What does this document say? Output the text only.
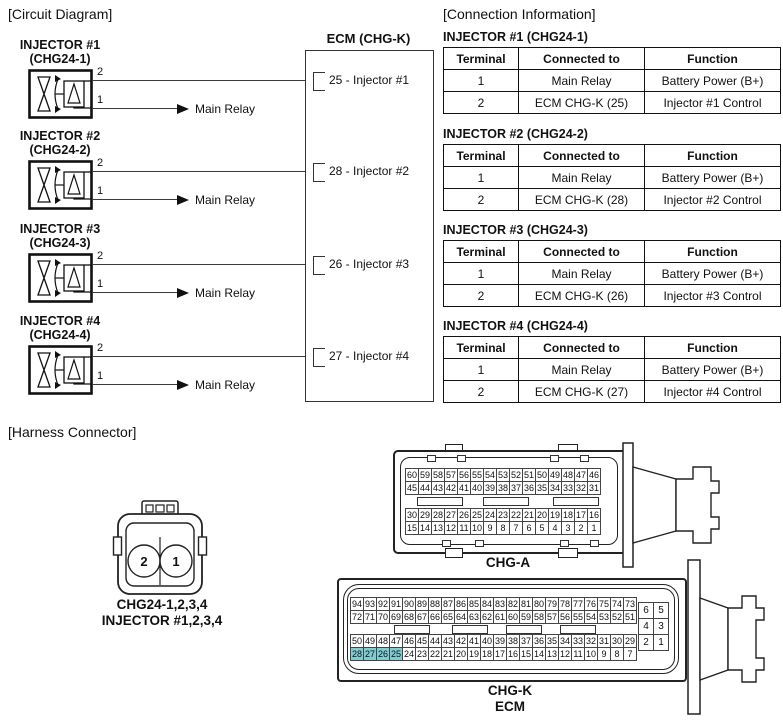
[Circuit Diagram]	[Connection Information]
[Harness Connector]
INJECTOR #1
(CHG24-1)
2
1
Main Relay
INJECTOR #2
(CHG24-2)
2
1
Main Relay
INJECTOR #3
(CHG24-3)
2
1
Main Relay
INJECTOR #4
(CHG24-4)
2
1
Main Relay
ECM (CHG-K)
25 - Injector #1
28 - Injector #2
26 - Injector #3
27 - Injector #4
INJECTOR #1 (CHG24-1)
Terminal	Connected to	Function
1	Main Relay	Battery Power (B+)
2	ECM CHG-K (25)	Injector #1 Control
INJECTOR #2 (CHG24-2)
Terminal	Connected to	Function
1	Main Relay	Battery Power (B+)
2	ECM CHG-K (28)	Injector #2 Control
INJECTOR #3 (CHG24-3)
Terminal	Connected to	Function
1	Main Relay	Battery Power (B+)
2	ECM CHG-K (26)	Injector #3 Control
INJECTOR #4 (CHG24-4)
Terminal	Connected to	Function
1	Main Relay	Battery Power (B+)
2	ECM CHG-K (27)	Injector #4 Control
2 1
CHG24-1,2,3,4
INJECTOR #1,2,3,4
60 59 58 57 56 55 54 53 52 51 50 49 48 47 46
45 44 43 42 41 40 39 38 37 36 35 34 33 32 31
30 29 28 27 26 25 24 23 22 21 20 19 18 17 16
15 14 13 12 11 10 9 8 7 6 5 4 3 2 1
CHG-A
94 93 92 91 90 89 88 87 86 85 84 83 82 81 80 79 78 77 76 75 74 73
72 71 70 69 68 67 66 65 64 63 62 61 60 59 58 57 56 55 54 53 52 51
50 49 48 47 46 45 44 43 42 41 40 39 38 37 36 35 34 33 32 31 30 29
28 27 26 25 24 23 22 21 20 19 18 17 16 15 14 13 12 11 10 9 8 7
6 5
4 3
2 1
CHG-K
ECM
